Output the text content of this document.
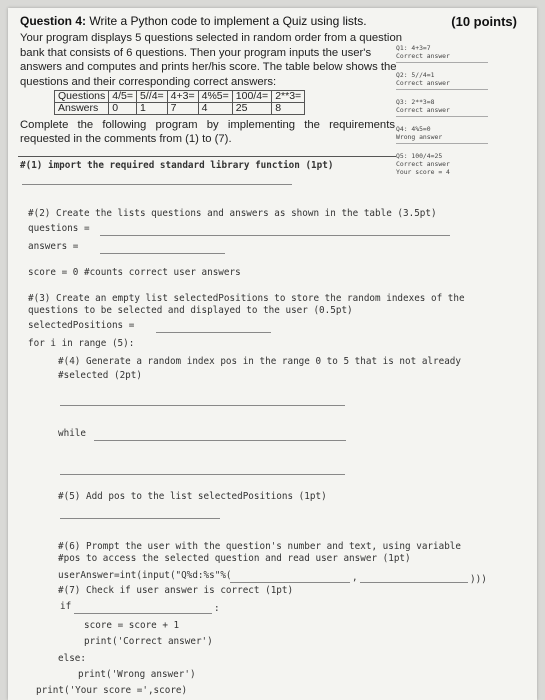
Question 4: Write a Python code to implement a Quiz using lists.	(10 points)
Your program displays 5 questions selected in random order from a question
bank that consists of 6 questions. Then your program inputs the user's
answers and computes and prints her/his score. The table below shows the
questions and their corresponding correct answers:
Questions	4/5=	5//4=	4+3=	4%5=	100/4=	2**3=
Answers	0	1	7	4	25	8
Complete the following program by implementing the requirements
requested in the comments from (1) to (7).
Q1: 4+3=7
Correct answer
Q2: 5//4=1
Correct answer
Q3: 2**3=8
Correct answer
Q4: 4%5=0
Wrong answer
Q5: 100/4=25
Correct answer
Your score = 4
#(1) import the required standard library function (1pt)
#(2) Create the lists questions and answers as shown in the table (3.5pt)
questions =
answers =
score = 0 #counts correct user answers
#(3) Create an empty list selectedPositions to store the random indexes of the
questions to be selected and displayed to the user (0.5pt)
selectedPositions =
for i in range (5):
#(4) Generate a random index pos in the range 0 to 5 that is not already
#selected (2pt)
while
#(5) Add pos to the list selectedPositions (1pt)
#(6) Prompt the user with the question's number and text, using variable
#pos to access the selected question and read user answer (1pt)
userAnswer=int(input("Q%d:%s"%(	,	)))
#(7) Check if user answer is correct (1pt)
if	:
score = score + 1
print('Correct answer')
else:
print('Wrong answer')
print('Your score =',score)
